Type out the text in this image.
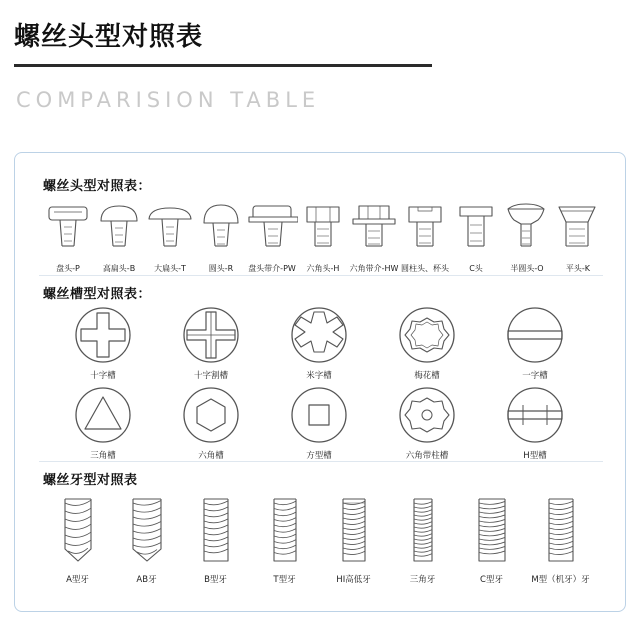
螺丝头型对照表
COMPARISION TABLE
螺丝头型对照表：
盘头-P	高扁头-B 大扁头-T	圆头-R 盘头带介-PW 六角头-H 六角带介-HW 圆柱头、杯头	C头	半圆头-O	平头-K
螺丝槽型对照表：
十字槽	十字割槽	米字槽	梅花槽	一字槽
三角槽	六角槽	方型槽	六角带柱槽	H型槽
螺丝牙型对照表
A型牙	AB牙	B型牙	T型牙	HI高低牙	三角牙	C型牙	M型（机牙）牙
